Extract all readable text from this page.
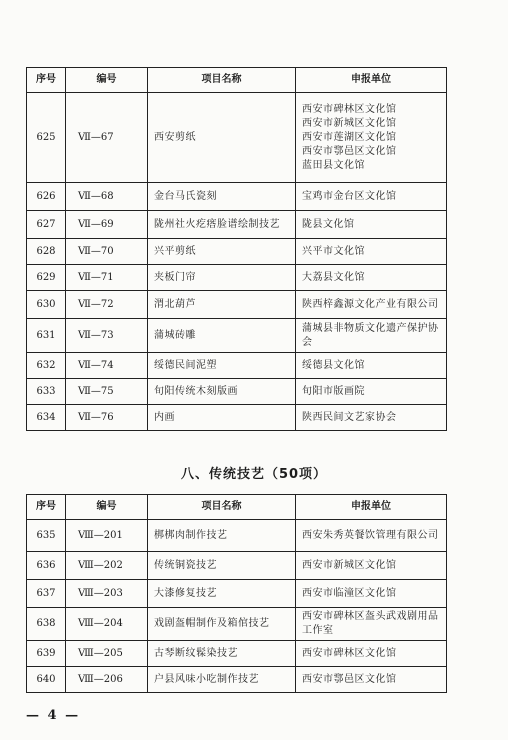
序号	编号	项目名称	申报单位
625	Ⅶ—67	西安剪纸	西安市碑林区文化馆
西安市新城区文化馆
西安市莲湖区文化馆
西安市鄠邑区文化馆
蓝田县文化馆

626	Ⅶ—68	金台马氏瓷刻	宝鸡市金台区文化馆

627	Ⅶ—69	陇州社火疙瘩脸谱绘制技艺	陇县文化馆

628	Ⅶ—70	兴平剪纸	兴平市文化馆

629	Ⅶ—71	夹板门帘	大荔县文化馆

630	Ⅶ—72	渭北葫芦	陕西梓鑫源文化产业有限公司

631	Ⅶ—73	蒲城砖雕	蒲城县非物质文化遗产保护协会

632	Ⅶ—74	绥德民间泥塑	绥德县文化馆

633	Ⅶ—75	旬阳传统木刻版画	旬阳市版画院

634	Ⅶ—76	内画	陕西民间文艺家协会
八、传统技艺（50项）
序号	编号	项目名称	申报单位
635	Ⅷ—201	梆梆肉制作技艺	西安朱秀英餐饮管理有限公司

636	Ⅷ—202	传统铜瓷技艺	西安市新城区文化馆

637	Ⅷ—203	大漆修复技艺	西安市临潼区文化馆

638	Ⅷ—204	戏剧盔帽制作及箱倌技艺	西安市碑林区盔头武戏剧用品工作室

639	Ⅷ—205	古琴断纹髹染技艺	西安市碑林区文化馆

640	Ⅷ—206	户县风味小吃制作技艺	西安市鄠邑区文化馆
— 4 —
